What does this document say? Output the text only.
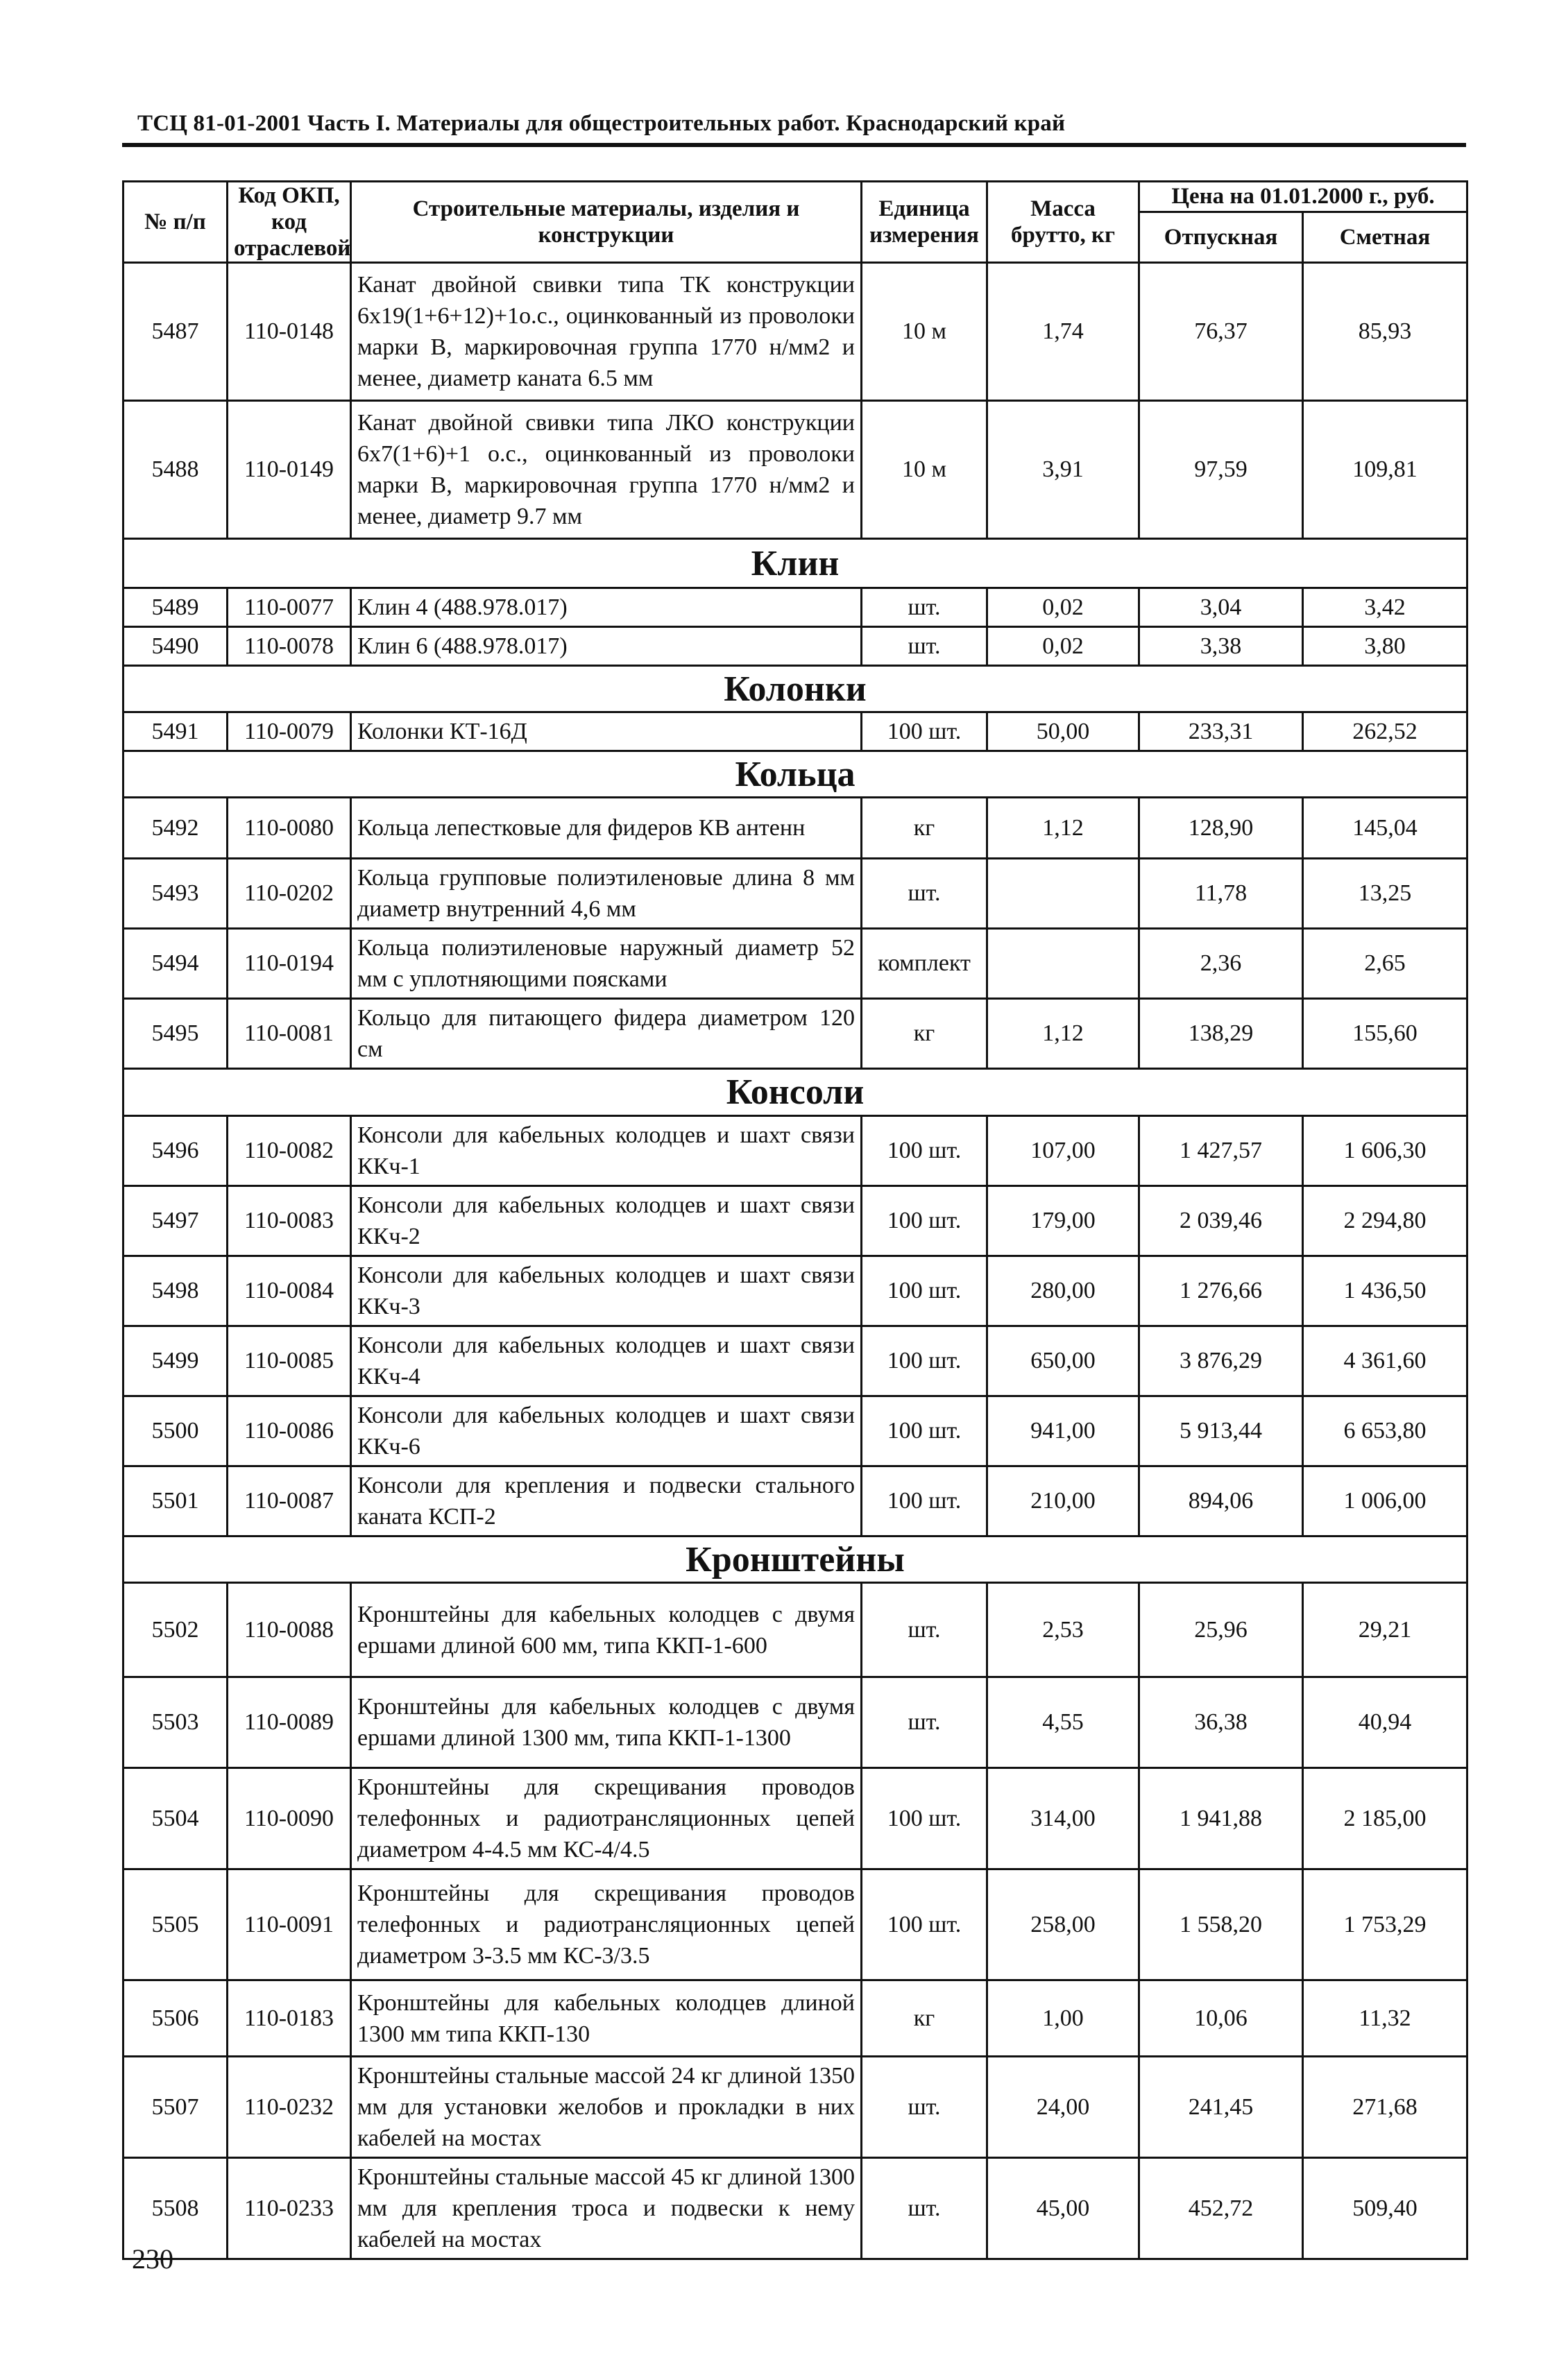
ТСЦ 81-01-2001 Часть I. Материалы для общестроительных работ. Краснодарский край
№ п/п	Код ОКП, код отраслевой	Строительные материалы, изделия и конструкции	Единица измерения	Масса брутто, кг	Цена на 01.01.2000 г., руб.	
					Отпускная	Сметная
5487	110-0148	Канат двойной свивки типа ТК конструкции 6х19(1+6+12)+1о.с., оцинкованный из проволоки марки В, маркировочная группа 1770 н/мм2 и менее, диаметр каната 6.5 мм	10 м	1,74	76,37	85,93
5488	110-0149	Канат двойной свивки типа ЛКО конструкции 6х7(1+6)+1 о.с., оцинкованный из проволоки марки В, маркировочная группа 1770 н/мм2 и менее, диаметр 9.7 мм	10 м	3,91	97,59	109,81
Клин						
5489	110-0077	Клин 4 (488.978.017)	шт.	0,02	3,04	3,42
5490	110-0078	Клин 6 (488.978.017)	шт.	0,02	3,38	3,80
Колонки						
5491	110-0079	Колонки КТ-16Д	100 шт.	50,00	233,31	262,52
Кольца						
5492	110-0080	Кольца лепестковые для фидеров КВ антенн	кг	1,12	128,90	145,04
5493	110-0202	Кольца групповые полиэтиленовые длина 8 мм диаметр внутренний 4,6 мм	шт.		11,78	13,25
5494	110-0194	Кольца полиэтиленовые наружный диаметр 52 мм с уплотняющими поясками	комплект		2,36	2,65
5495	110-0081	Кольцо для питающего фидера диаметром 120 см	кг	1,12	138,29	155,60
Консоли						
5496	110-0082	Консоли для кабельных колодцев и шахт связи ККч-1	100 шт.	107,00	1 427,57	1 606,30
5497	110-0083	Консоли для кабельных колодцев и шахт связи ККч-2	100 шт.	179,00	2 039,46	2 294,80
5498	110-0084	Консоли для кабельных колодцев и шахт связи ККч-3	100 шт.	280,00	1 276,66	1 436,50
5499	110-0085	Консоли для кабельных колодцев и шахт связи ККч-4	100 шт.	650,00	3 876,29	4 361,60
5500	110-0086	Консоли для кабельных колодцев и шахт связи ККч-6	100 шт.	941,00	5 913,44	6 653,80
5501	110-0087	Консоли для крепления и подвески стального каната КСП-2	100 шт.	210,00	894,06	1 006,00
Кронштейны						
5502	110-0088	Кронштейны для кабельных колодцев с двумя ершами длиной 600 мм, типа ККП-1-600	шт.	2,53	25,96	29,21
5503	110-0089	Кронштейны для кабельных колодцев с двумя ершами длиной 1300 мм, типа ККП-1-1300	шт.	4,55	36,38	40,94
5504	110-0090	Кронштейны для скрещивания проводов телефонных и радиотрансляционных цепей диаметром 4-4.5 мм КС-4/4.5	100 шт.	314,00	1 941,88	2 185,00
5505	110-0091	Кронштейны для скрещивания проводов телефонных и радиотрансляционных цепей диаметром 3-3.5 мм КС-3/3.5	100 шт.	258,00	1 558,20	1 753,29
5506	110-0183	Кронштейны для кабельных колодцев длиной 1300 мм типа ККП-130	кг	1,00	10,06	11,32
5507	110-0232	Кронштейны стальные массой 24 кг длиной 1350 мм для установки желобов и прокладки в них кабелей на мостах	шт.	24,00	241,45	271,68
5508	110-0233	Кронштейны стальные массой 45 кг длиной 1300 мм для крепления троса и подвески к нему кабелей на мостах	шт.	45,00	452,72	509,40
230
